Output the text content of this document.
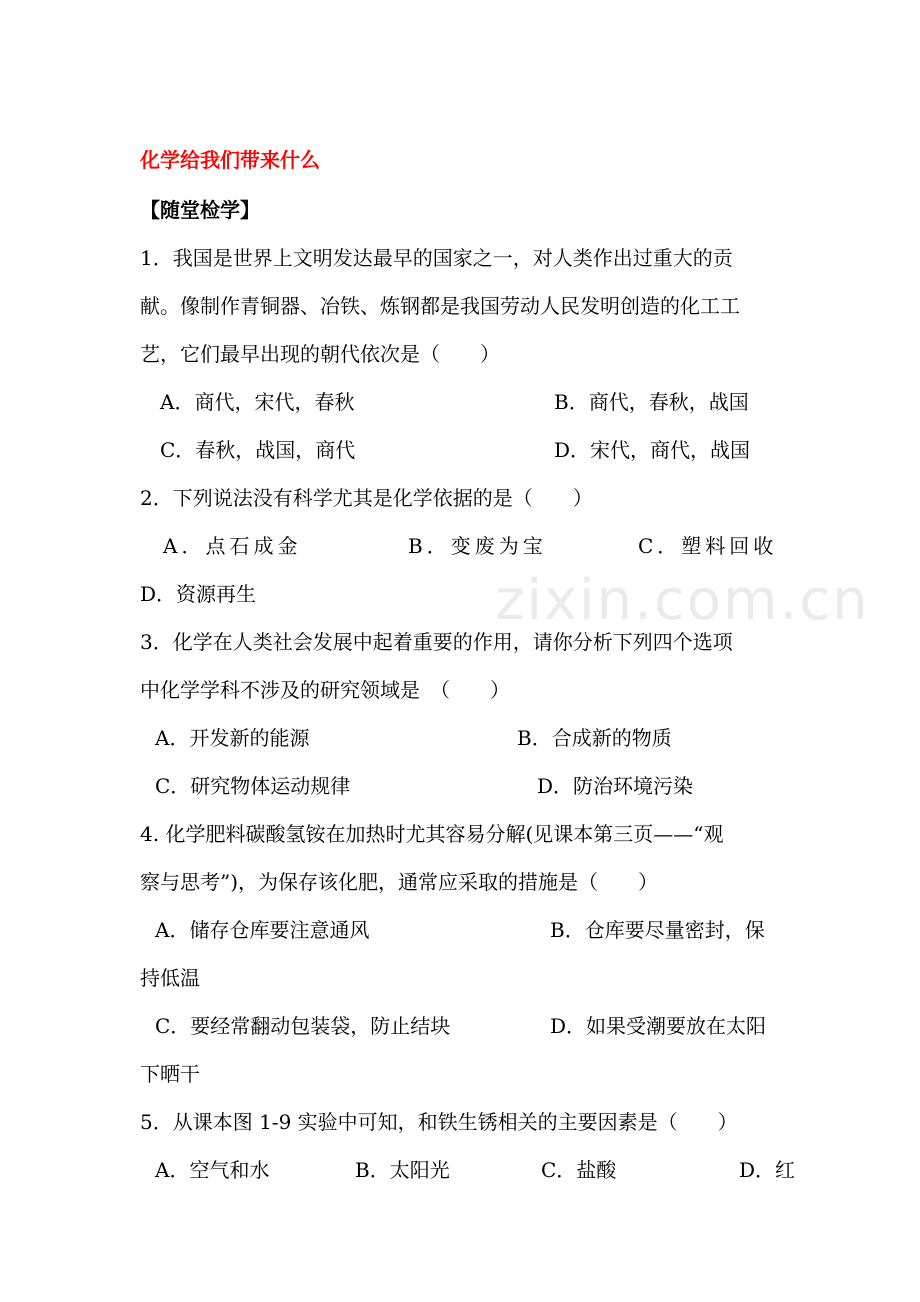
zixin.com.cn
化学给我们带来什么
【随堂检学】
1．我国是世界上文明发达最早的国家之一，对人类作出过重大的贡
献。像制作青铜器、冶铁、炼钢都是我国劳动人民发明创造的化工工
艺，它们最早出现的朝代依次是（　　）
A．商代，宋代，春秋	B．商代，春秋，战国
C．春秋，战国，商代	D．宋代，商代，战国
2．下列说法没有科学尤其是化学依据的是（　　）
A．点石成金	B．变废为宝	C．塑料回收
D．资源再生
3．化学在人类社会发展中起着重要的作用，请你分析下列四个选项
中化学学科不涉及的研究领域是　（　　）
A．开发新的能源	B．合成新的物质
C．研究物体运动规律	D．防治环境污染
4. 化学肥料碳酸氢铵在加热时尤其容易分解(见课本第三页——“观
察与思考”)，为保存该化肥，通常应采取的措施是（　　）
A．储存仓库要注意通风	B．仓库要尽量密封，保
持低温
C．要经常翻动包装袋，防止结块	D．如果受潮要放在太阳
下晒干
5．从课本图 1-9 实验中可知，和铁生锈相关的主要因素是（　　）
A．空气和水	B．太阳光	C．盐酸	D．红
